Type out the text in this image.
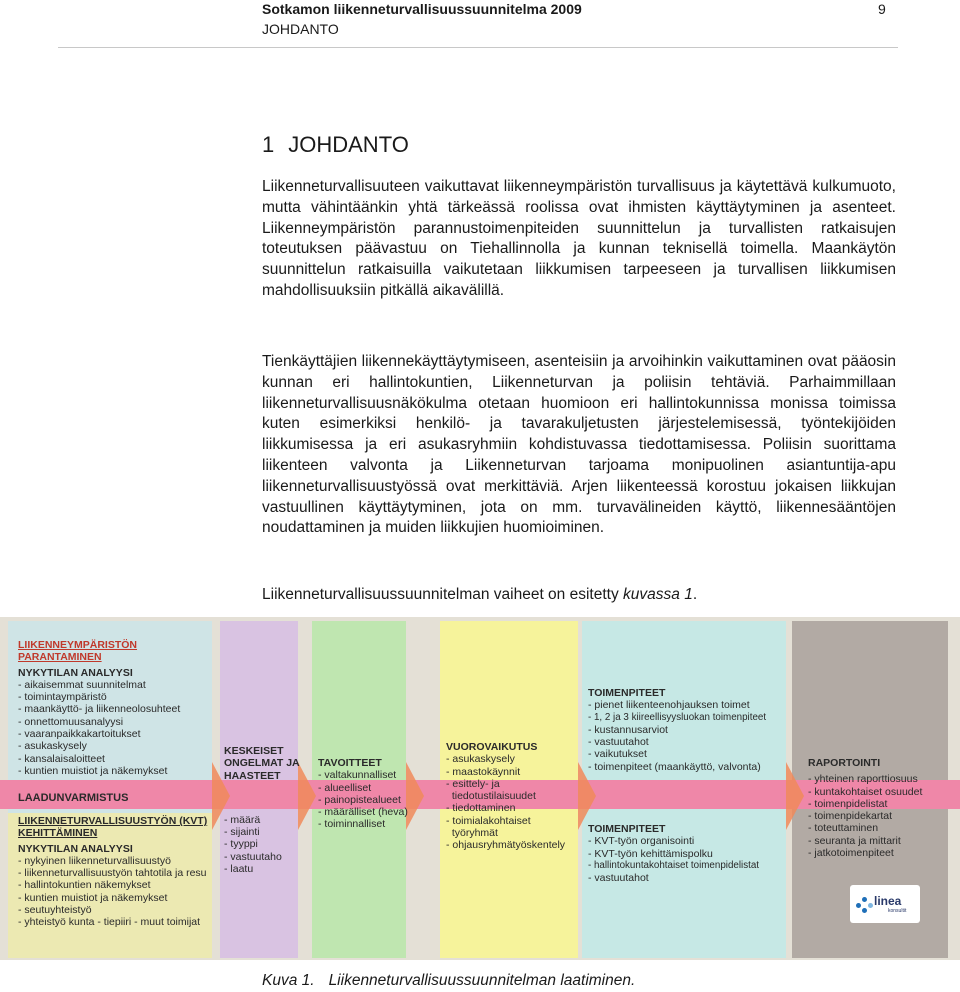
Sotkamon liikenneturvallisuussuunnitelma 2009
JOHDANTO
9
1 JOHDANTO

Liikenneturvallisuuteen vaikuttavat liikenneympäristön turvallisuus ja käytettävä kulkumuoto, mutta vähintäänkin yhtä tärkeässä roolissa ovat ihmisten käyttäytyminen ja asenteet. Liikenneympäristön parannustoimenpiteiden suunnittelun ja turvallisten ratkaisujen toteutuksen päävastuu on Tiehallinnolla ja kunnan teknisellä toimella. Maankäytön suunnittelun ratkaisuilla vaikutetaan liikkumisen tarpeeseen ja turvallisen liikkumisen mahdollisuuksiin pitkällä aikavälillä.

Tienkäyttäjien liikennekäyttäytymiseen, asenteisiin ja arvoihinkin vaikuttaminen ovat pääosin kunnan eri hallintokuntien, Liikenneturvan ja poliisin tehtäviä. Parhaimmillaan liikenneturvallisuusnäkökulma otetaan huomioon eri hallintokunnissa monissa toimissa kuten esimerkiksi henkilö- ja tavarakuljetusten järjestelemisessä, työntekijöiden liikkumisessa ja eri asukasryhmiin kohdistuvassa tiedottamisessa. Poliisin suorittama liikenteen valvonta ja Liikenneturvan tarjoama monipuolinen asiantuntija-apu liikenneturvallisuustyössä ovat merkittäviä. Arjen liikenteessä korostuu jokaisen liikkujan vastuullinen käyttäytyminen, jota on mm. turvavälineiden käyttö, liikennesääntöjen noudattaminen ja muiden liikkujien huomioiminen.

Liikenneturvallisuussuunnitelman vaiheet on esitetty kuvassa 1.

LAADUNVARMISTUS
LIIKENNEYMPÄRISTÖN PARANTAMINEN
NYKYTILAN ANALYYSI
- aikaisemmat suunnitelmat
- toimintaympäristö
- maankäyttö- ja liikenneolosuhteet
- onnettomuusanalyysi
- vaaranpaikkakartoitukset
- asukaskysely
- kansalaisaloitteet
- kuntien muistiot ja näkemykset
LIIKENNETURVALLISUUSTYÖN (KVT) KEHITTÄMINEN
NYKYTILAN ANALYYSI
- nykyinen liikenneturvallisuustyö
- liikenneturvallisuustyön tahtotila ja resu
- hallintokuntien näkemykset
- kuntien muistiot ja näkemykset
- seutuyhteistyö
- yhteistyö kunta - tiepiiri - muut toimijat
KESKEISET ONGELMAT JA HAASTEET
- määrä
- sijainti
- tyyppi
- vastuutaho
- laatu
TAVOITTEET
- valtakunnalliset
- alueelliset
- painopistealueet
- määrälliset (heva)
- toiminnalliset
VUOROVAIKUTUS
- asukaskysely
- maastokäynnit
- esittely- ja
tiedotustilaisuudet
- tiedottaminen
- toimialakohtaiset
työryhmät
- ohjausryhmätyöskentely
TOIMENPITEET
- pienet liikenteenohjauksen toimet
- 1, 2 ja 3 kiireellisyysluokan toimenpiteet
- kustannusarviot
- vastuutahot
- vaikutukset
- toimenpiteet (maankäyttö, valvonta)
TOIMENPITEET
- KVT-työn organisointi
- KVT-työn kehittämispolku
- hallintokuntakohtaiset toimenpidelistat
- vastuutahot
RAPORTOINTI
- yhteinen raporttiosuus
- kuntakohtaiset osuudet
- toimenpidelistat
- toimenpidekartat
- toteuttaminen
- seuranta ja mittarit
- jatkotoimenpiteet
linea
konsultit
Kuva 1. Liikenneturvallisuussuunnitelman laatiminen.
